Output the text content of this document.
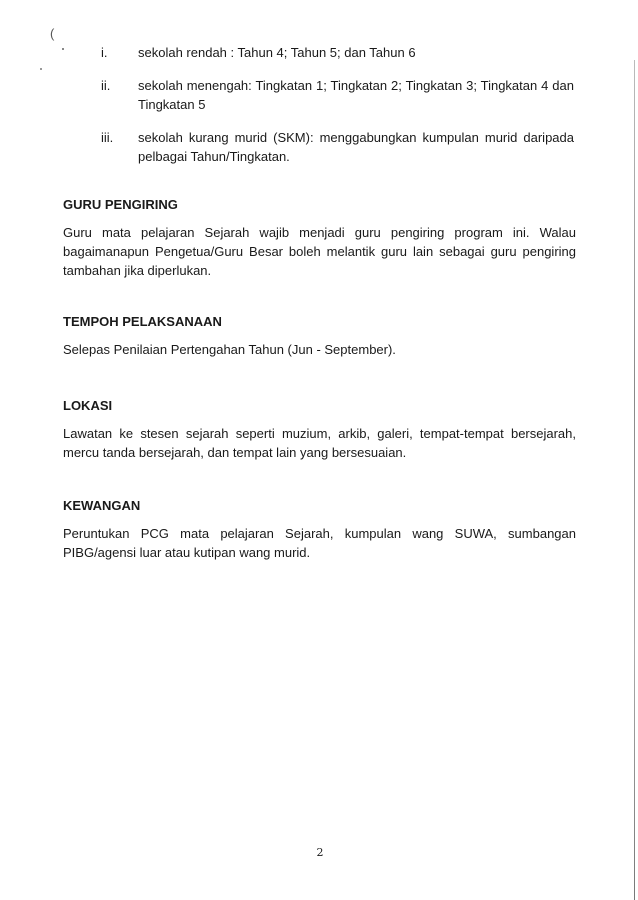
(
i. sekolah rendah : Tahun 4; Tahun 5; dan Tahun 6
ii. sekolah menengah: Tingkatan 1; Tingkatan 2; Tingkatan 3; Tingkatan 4 dan Tingkatan 5
iii. sekolah kurang murid (SKM): menggabungkan kumpulan murid daripada pelbagai Tahun/Tingkatan.
GURU PENGIRING

Guru mata pelajaran Sejarah wajib menjadi guru pengiring program ini. Walau bagaimanapun Pengetua/Guru Besar boleh melantik guru lain sebagai guru pengiring tambahan jika diperlukan.

TEMPOH PELAKSANAAN

Selepas Penilaian Pertengahan Tahun (Jun - September).

LOKASI

Lawatan ke stesen sejarah seperti muzium, arkib, galeri, tempat-tempat bersejarah, mercu tanda bersejarah, dan tempat lain yang bersesuaian.

KEWANGAN

Peruntukan PCG mata pelajaran Sejarah, kumpulan wang SUWA, sumbangan PIBG/agensi luar atau kutipan wang murid.

2
